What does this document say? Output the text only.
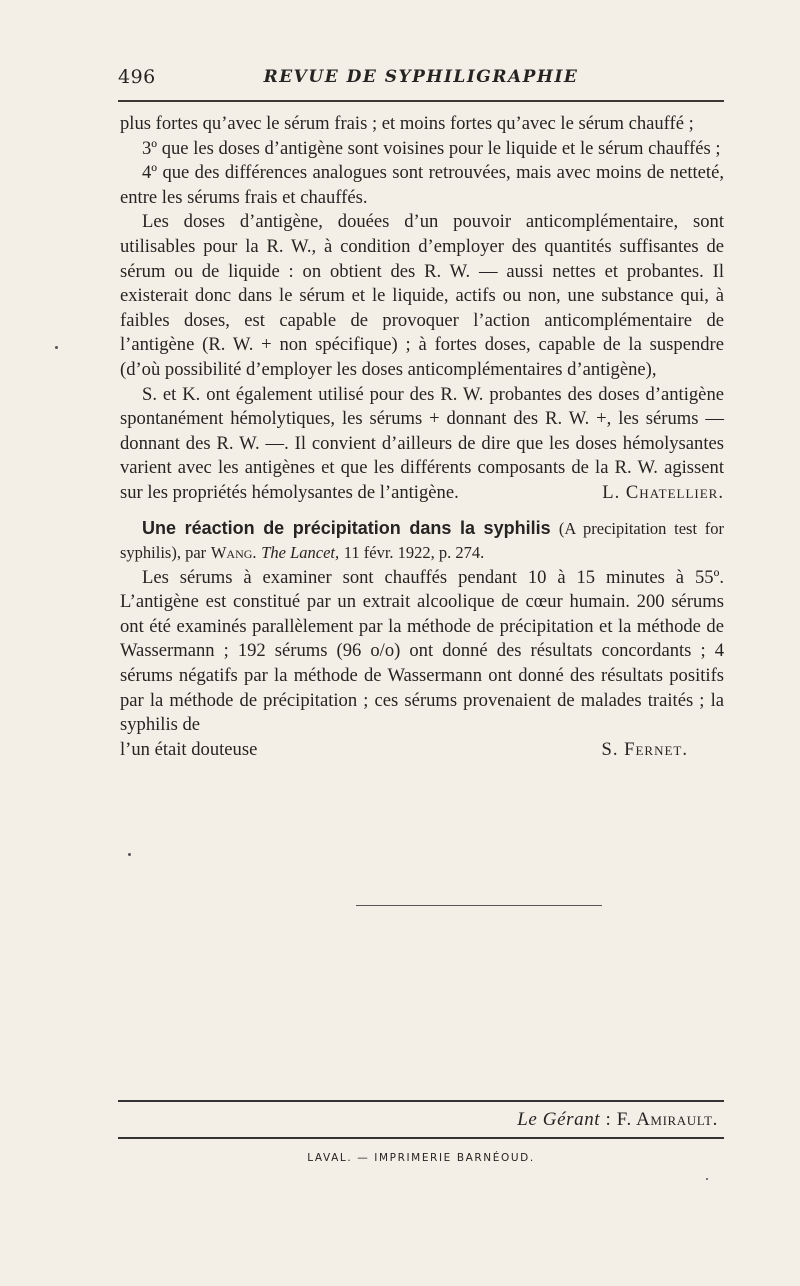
496	REVUE DE SYPHILIGRAPHIE

plus fortes qu’avec le sérum frais ; et moins fortes qu’avec le sérum chauffé ;

3º que les doses d’antigène sont voisines pour le liquide et le sérum chauffés ;

4º que des différences analogues sont retrouvées, mais avec moins de netteté, entre les sérums frais et chauffés.

Les doses d’antigène, douées d’un pouvoir anticomplémentaire, sont utilisables pour la R. W., à condition d’employer des quantités suffisantes de sérum ou de liquide : on obtient des R. W. — aussi nettes et probantes. Il existerait donc dans le sérum et le liquide, actifs ou non, une substance qui, à faibles doses, est capable de provoquer l’action anticomplémentaire de l’antigène (R. W. + non spécifique) ; à fortes doses, capable de la suspendre (d’où possibilité d’employer les doses anticomplémentaires d’antigène),

S. et K. ont également utilisé pour des R. W. probantes des doses d’antigène spontanément hémolytiques, les sérums + donnant des R. W. +, les sérums — donnant des R. W. —. Il convient d’ailleurs de dire que les doses hémolysantes varient avec les antigènes et que les différents composants de la R. W. agissent sur les propriétés hémolysantes de l’antigène.	L. Chatellier.

Une réaction de précipitation dans la syphilis (A precipitation test for syphilis), par Wang. The Lancet, 11 févr. 1922, p. 274.

Les sérums à examiner sont chauffés pendant 10 à 15 minutes à 55º. L’antigène est constitué par un extrait alcoolique de cœur humain. 200 sérums ont été examinés parallèlement par la méthode de précipitation et la méthode de Wassermann ; 192 sérums (96 o/o) ont donné des résultats concordants ; 4 sérums négatifs par la méthode de Wassermann ont donné des résultats positifs par la méthode de précipitation ; ces sérums provenaient de malades traités ; la syphilis de

l’un était douteuse	S. Fernet.
Le Gérant : F. Amirault.
LAVAL. — IMPRIMERIE BARNÉOUD.
